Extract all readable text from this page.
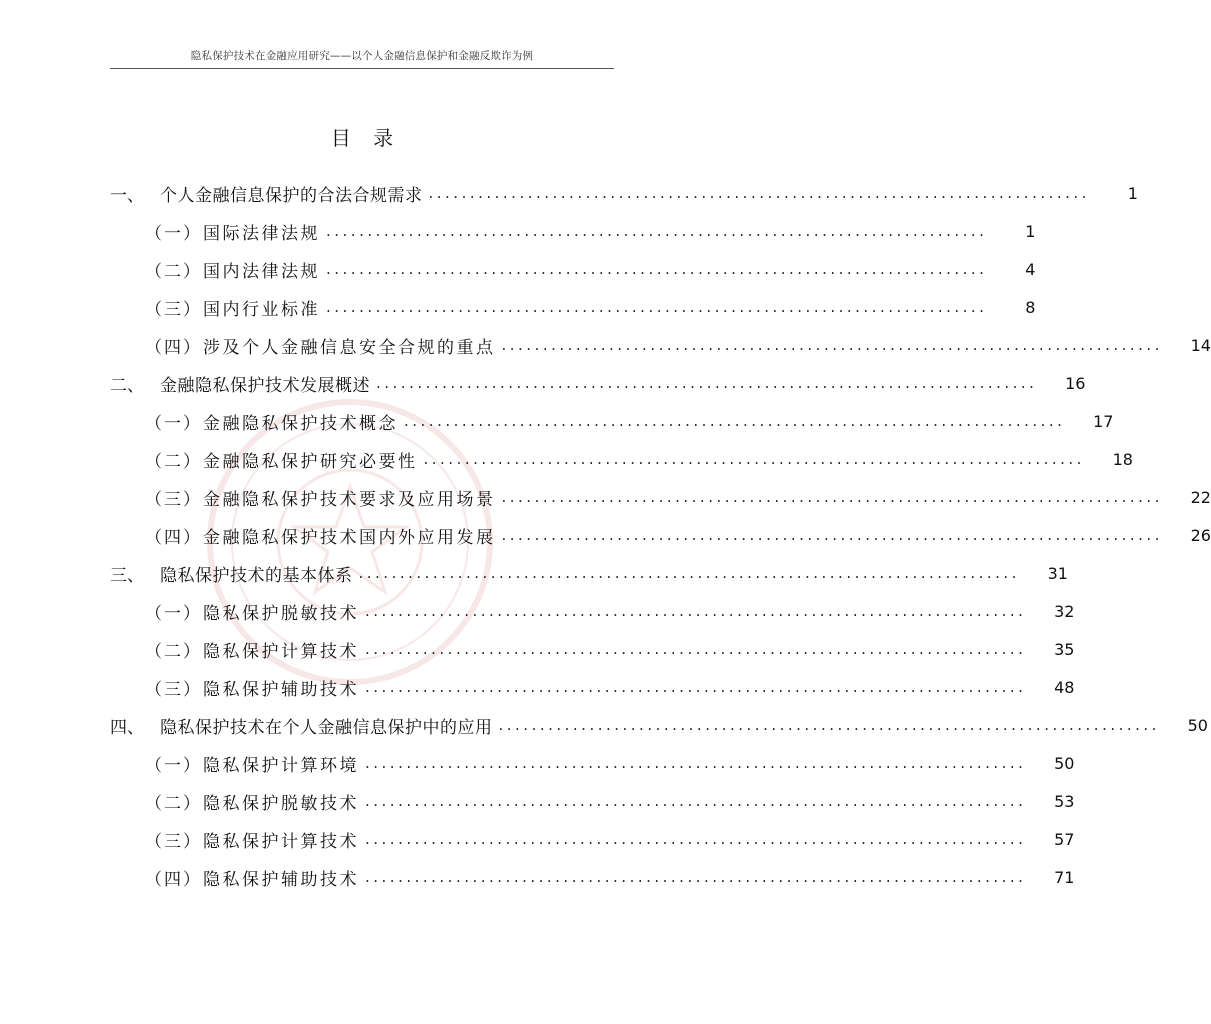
隐私保护技术在金融应用研究——以个人金融信息保护和金融反欺诈为例
目 录
一、 个人金融信息保护的合法合规需求 ................................................................................	1
（一） 国际法律法规 ................................................................................	1
（二） 国内法律法规 ................................................................................	4
（三） 国内行业标准 ................................................................................	8
（四） 涉及个人金融信息安全合规的重点 ................................................................................	14
二、 金融隐私保护技术发展概述 ................................................................................	16
（一） 金融隐私保护技术概念 ................................................................................	17
（二） 金融隐私保护研究必要性 ................................................................................	18
（三） 金融隐私保护技术要求及应用场景 ................................................................................	22
（四） 金融隐私保护技术国内外应用发展 ................................................................................	26
三、 隐私保护技术的基本体系 ................................................................................	31
（一） 隐私保护脱敏技术 ................................................................................	32
（二） 隐私保护计算技术 ................................................................................	35
（三） 隐私保护辅助技术 ................................................................................	48
四、 隐私保护技术在个人金融信息保护中的应用 ................................................................................	50
（一） 隐私保护计算环境 ................................................................................	50
（二） 隐私保护脱敏技术 ................................................................................	53
（三） 隐私保护计算技术 ................................................................................	57
（四） 隐私保护辅助技术 ................................................................................	71
